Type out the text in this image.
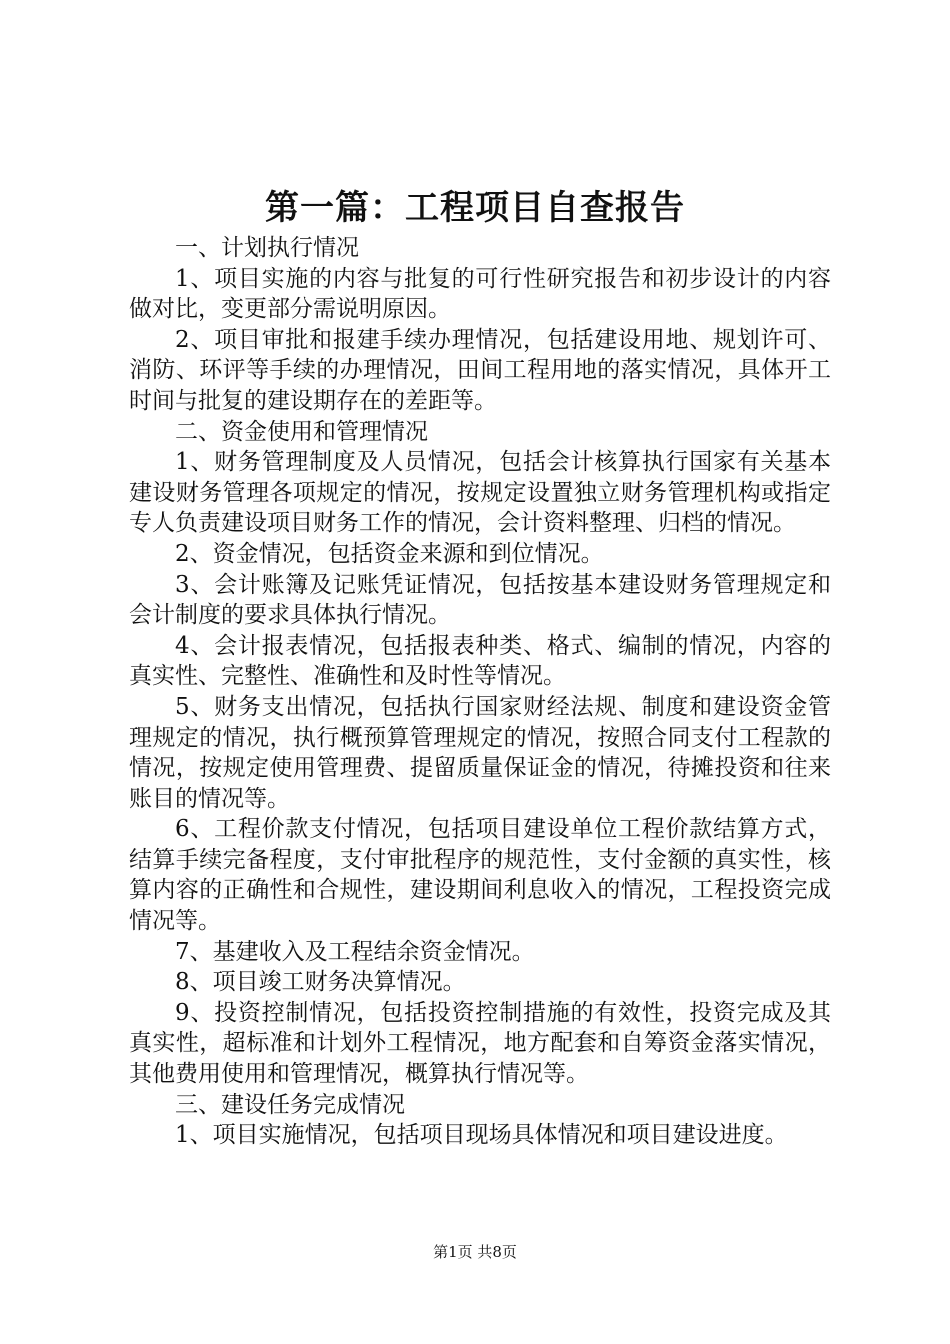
第一篇：工程项目自查报告

一、计划执行情况

1、项目实施的内容与批复的可行性研究报告和初步设计的内容做对比，变更部分需说明原因。

2、项目审批和报建手续办理情况，包括建设用地、规划许可、消防、环评等手续的办理情况，田间工程用地的落实情况，具体开工时间与批复的建设期存在的差距等。

二、资金使用和管理情况

1、财务管理制度及人员情况，包括会计核算执行国家有关基本建设财务管理各项规定的情况，按规定设置独立财务管理机构或指定专人负责建设项目财务工作的情况，会计资料整理、归档的情况。

2、资金情况，包括资金来源和到位情况。

3、会计账簿及记账凭证情况，包括按基本建设财务管理规定和会计制度的要求具体执行情况。

4、会计报表情况，包括报表种类、格式、编制的情况，内容的真实性、完整性、准确性和及时性等情况。

5、财务支出情况，包括执行国家财经法规、制度和建设资金管理规定的情况，执行概预算管理规定的情况，按照合同支付工程款的情况，按规定使用管理费、提留质量保证金的情况，待摊投资和往来账目的情况等。

6、工程价款支付情况，包括项目建设单位工程价款结算方式，结算手续完备程度，支付审批程序的规范性，支付金额的真实性，核算内容的正确性和合规性，建设期间利息收入的情况，工程投资完成情况等。

7、基建收入及工程结余资金情况。

8、项目竣工财务决算情况。

9、投资控制情况，包括投资控制措施的有效性，投资完成及其真实性，超标准和计划外工程情况，地方配套和自筹资金落实情况，其他费用使用和管理情况，概算执行情况等。

三、建设任务完成情况

1、项目实施情况，包括项目现场具体情况和项目建设进度。

第1页 共8页
